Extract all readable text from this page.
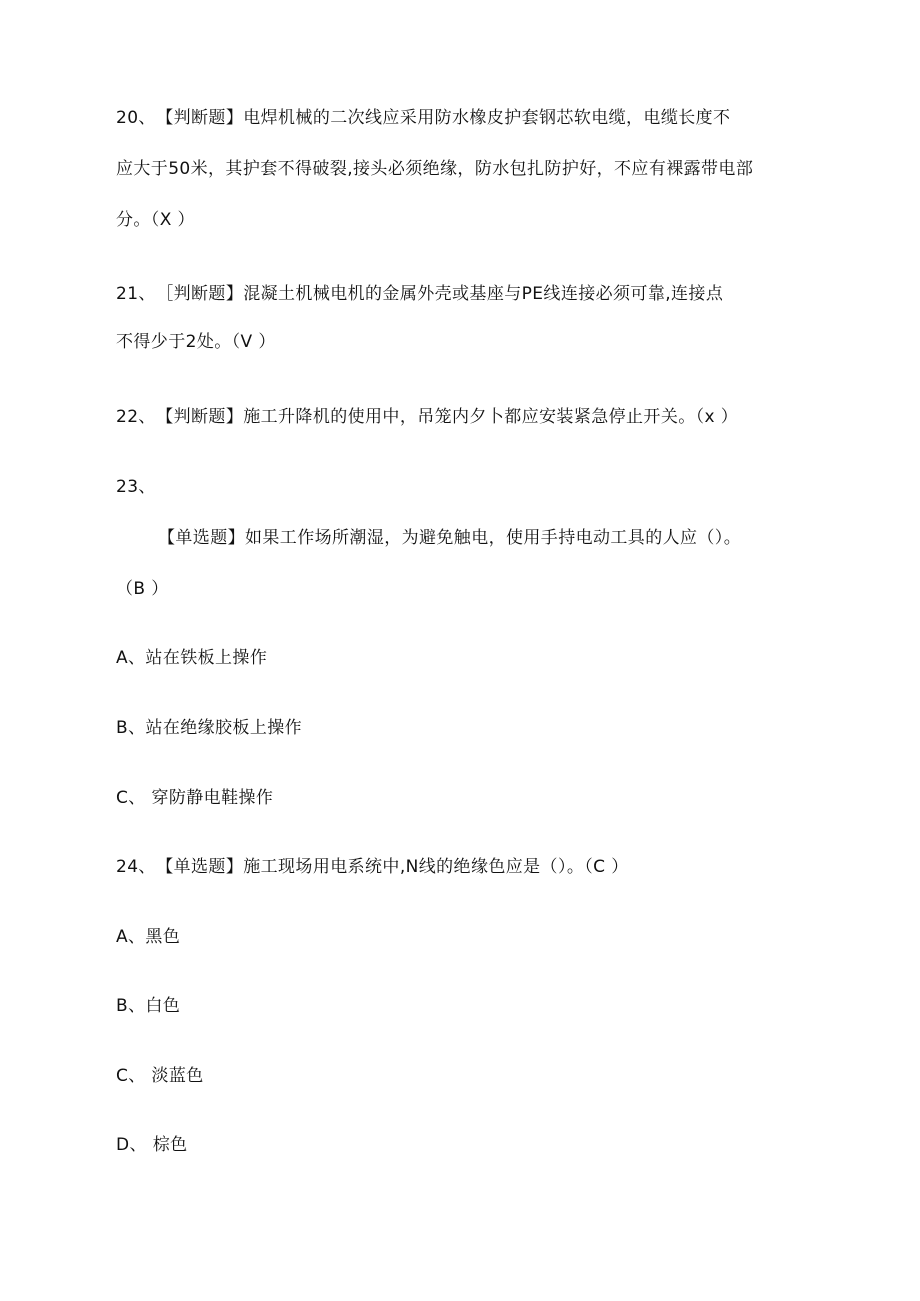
20、　【判断题】电焊机械的二次线应采用防水橡皮护套钢芯软电缆，电缆长度不
应大于50米，其护套不得破裂,接头必须绝缘，防水包扎防护好，不应有裸露带电部
分。（X ）
21、　［判断题】混凝土机械电机的金属外壳或基座与PE线连接必须可靠,连接点
不得少于2处。（V ）
22、　【判断题】施工升降机的使用中，吊笼内夕卜都应安装紧急停止开关。（x ）
23、
【单选题】如果工作场所潮湿，为避免触电，使用手持电动工具的人应（）。
（B ）
A、站在铁板上操作
B、站在绝缘胶板上操作
C、 穿防静电鞋操作
24、　【单选题】施工现场用电系统中,N线的绝缘色应是（）。（C ）
A、黑色
B、白色
C、 淡蓝色
D、 棕色
